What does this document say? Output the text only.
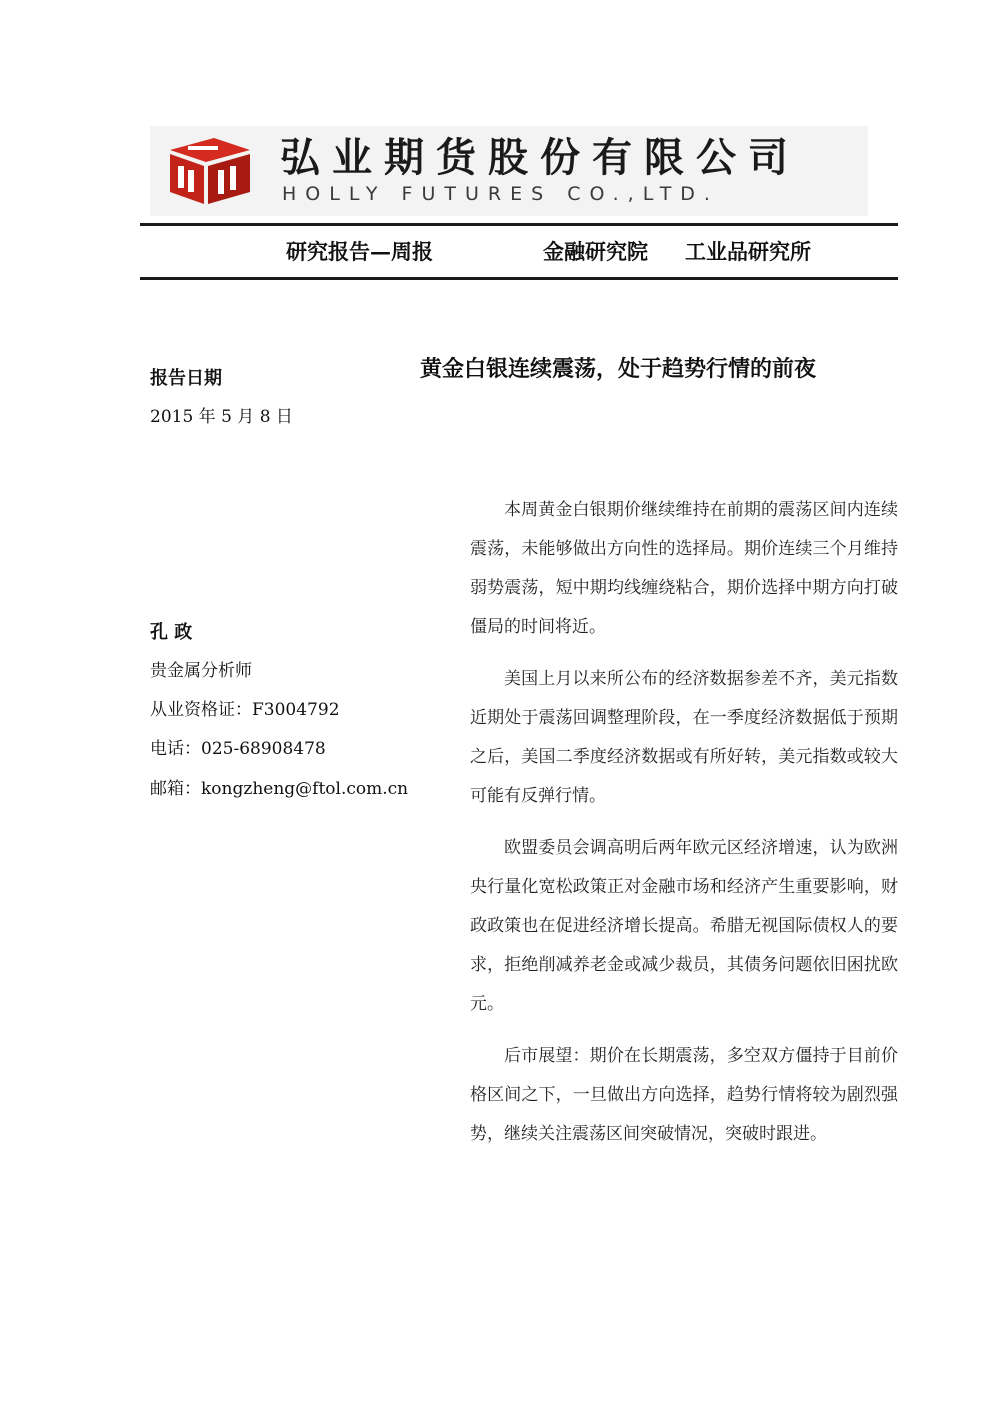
弘业期货股份有限公司
HOLLY FUTURES CO.,LTD.
研究报告—周报	金融研究院 工业品研究所
报告日期
2015 年 5 月 8 日
黄金白银连续震荡，处于趋势行情的前夜
孔 政
贵金属分析师
从业资格证：F3004792
电话：025-68908478
邮箱：kongzheng@ftol.com.cn

本周黄金白银期价继续维持在前期的震荡区间内连续震荡，未能够做出方向性的选择局。期价连续三个月维持弱势震荡，短中期均线缠绕粘合，期价选择中期方向打破僵局的时间将近。

美国上月以来所公布的经济数据参差不齐，美元指数近期处于震荡回调整理阶段，在一季度经济数据低于预期之后，美国二季度经济数据或有所好转，美元指数或较大可能有反弹行情。

欧盟委员会调高明后两年欧元区经济增速，认为欧洲央行量化宽松政策正对金融市场和经济产生重要影响，财政政策也在促进经济增长提高。希腊无视国际债权人的要求，拒绝削减养老金或减少裁员，其债务问题依旧困扰欧元。

后市展望：期价在长期震荡，多空双方僵持于目前价格区间之下，一旦做出方向选择，趋势行情将较为剧烈强势，继续关注震荡区间突破情况，突破时跟进。
